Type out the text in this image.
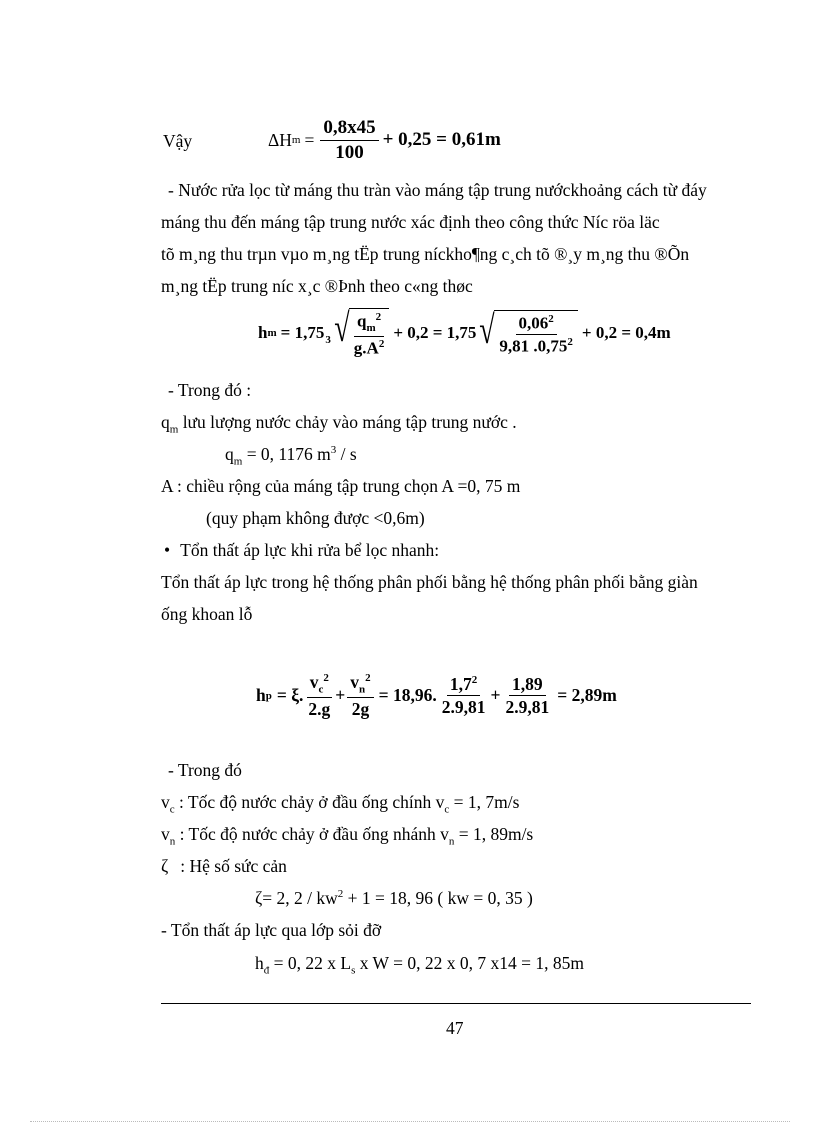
Vậy	ΔH $m = \frac{0,8x45}{100} + 0,25 = 0,61m$
- Nước rửa lọc từ máng thu tràn vào máng tập trung nướckhoảng cách từ đáy
máng thu đến máng tập trung nước xác định theo công thức Níc röa läc
tõ m¸ng thu trµn vµo m¸ng tËp trung níckho¶ng c¸ch tõ ®¸y m¸ng thu ®Õn
m¸ng tËp trung níc x¸c ®Þnh theo c«ng thøc
h $m = 1,75_3$ √ $\frac{q_m^2}{g.A^2} + 0,2 = 1,75$ √ $\frac{0,06^2}{9,81 .0,75^2} + 0,2 = 0,4m$
- Trong đó :
$q_m$ lưu lượng nước chảy vào máng tập trung nước .
$q_m = 0$, 1176 $m^3$ / s
A : chiều rộng của máng tập trung chọn A =0, 75 m
(quy phạm không được <0,6m)
• Tổn thất áp lực khi rửa bể lọc nhanh:
Tổn thất áp lực trong hệ thống phân phối bằng hệ thống phân phối bằng giàn
ống khoan lỗ
h p = ξ. $\frac{v_c^2}{2.g} + \frac{v_n^2}{2g} = 18,96$. $\frac{1,7^2}{2.9,81} + \frac{1,89}{2.9,81} = 2,89m$
- Trong đó
$v_c$ : Tốc độ nước chảy ở đầu ống chính $v_c = 1$, 7m/s
$v_n$ : Tốc độ nước chảy ở đầu ống nhánh $v_n = 1$, 89m/s
ζ : Hệ số sức cản
ζ= 2, $2 / kw^2 + 1 = 18$, 96 ( kw = 0, 35 )
- Tổn thất áp lực qua lớp sỏi đỡ
$h_đ = 0$, 22 x $L_s$ x W = 0, 22 x 0, 7 x14 = 1, 85m
47
